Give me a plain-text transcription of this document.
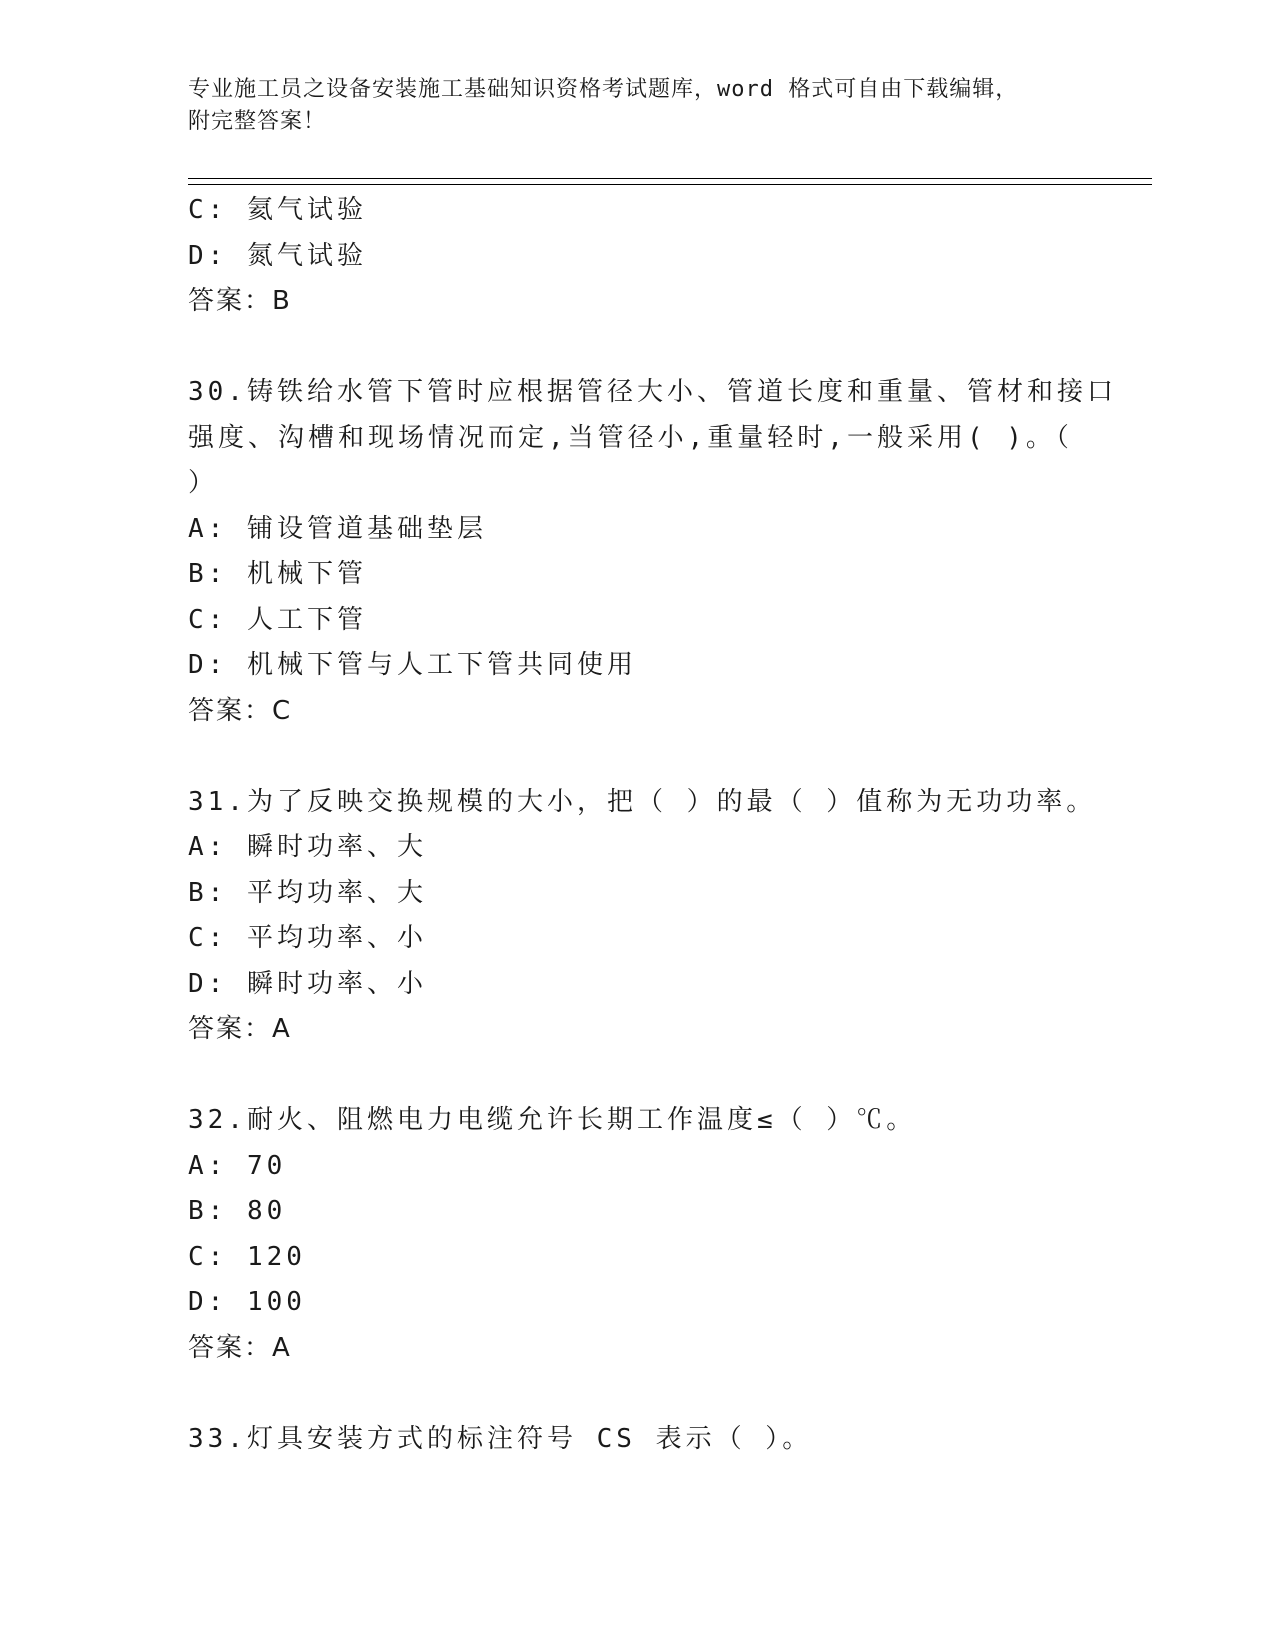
专业施工员之设备安装施工基础知识资格考试题库，word 格式可自由下载编辑，
附完整答案！
C: 氦气试验
D: 氮气试验
答案：B
30.铸铁给水管下管时应根据管径大小、管道长度和重量、管材和接口
强度、沟槽和现场情况而定,当管径小,重量轻时,一般采用( )。（
）
A: 铺设管道基础垫层
B: 机械下管
C: 人工下管
D: 机械下管与人工下管共同使用
答案：C
31.为了反映交换规模的大小，把（ ）的最（ ）值称为无功功率。
A: 瞬时功率、大
B: 平均功率、大
C: 平均功率、小
D: 瞬时功率、小
答案：A
32.耐火、阻燃电力电缆允许长期工作温度≤（ ）℃。
A: 70
B: 80
C: 120
D: 100
答案：A
33.灯具安装方式的标注符号 CS 表示（ ）。
